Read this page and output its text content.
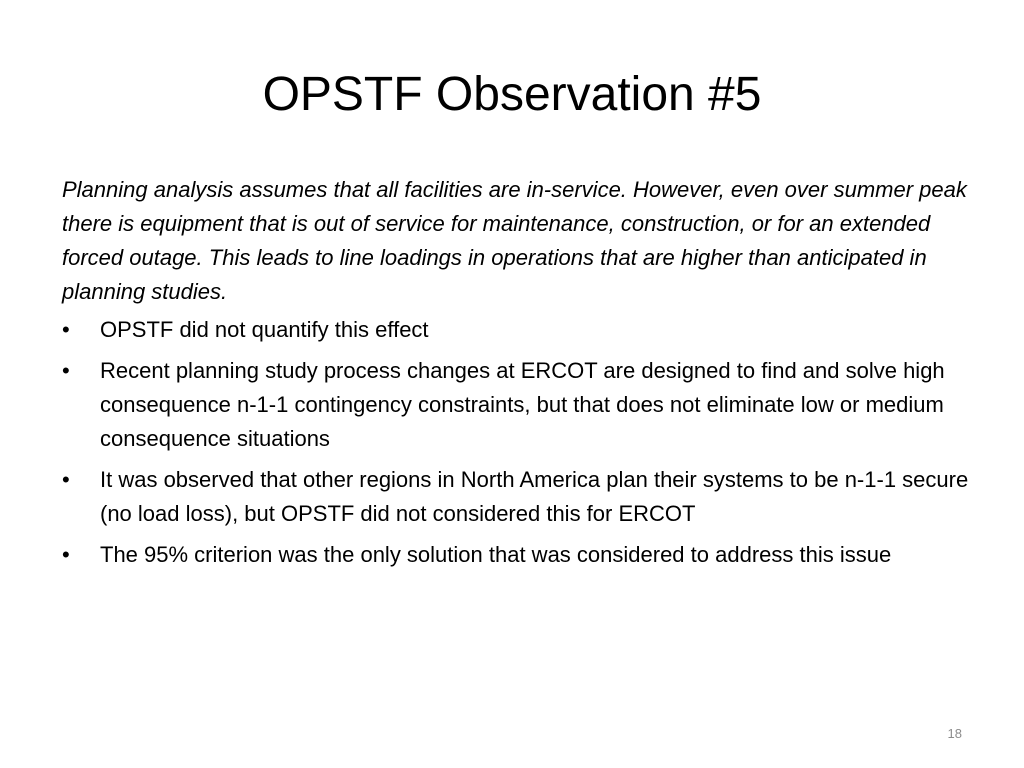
OPSTF Observation #5

Planning analysis assumes that all facilities are in-service. However, even over summer peak there is equipment that is out of service for maintenance, construction, or for an extended forced outage. This leads to line loadings in operations that are higher than anticipated in planning studies.

•	OPSTF did not quantify this effect
•	Recent planning study process changes at ERCOT are designed to find and solve high consequence n-1-1 contingency constraints, but that does not eliminate low or medium consequence situations
•	It was observed that other regions in North America plan their systems to be n-1-1 secure (no load loss), but OPSTF did not considered this for ERCOT
•	The 95% criterion was the only solution that was considered to address this issue
18
